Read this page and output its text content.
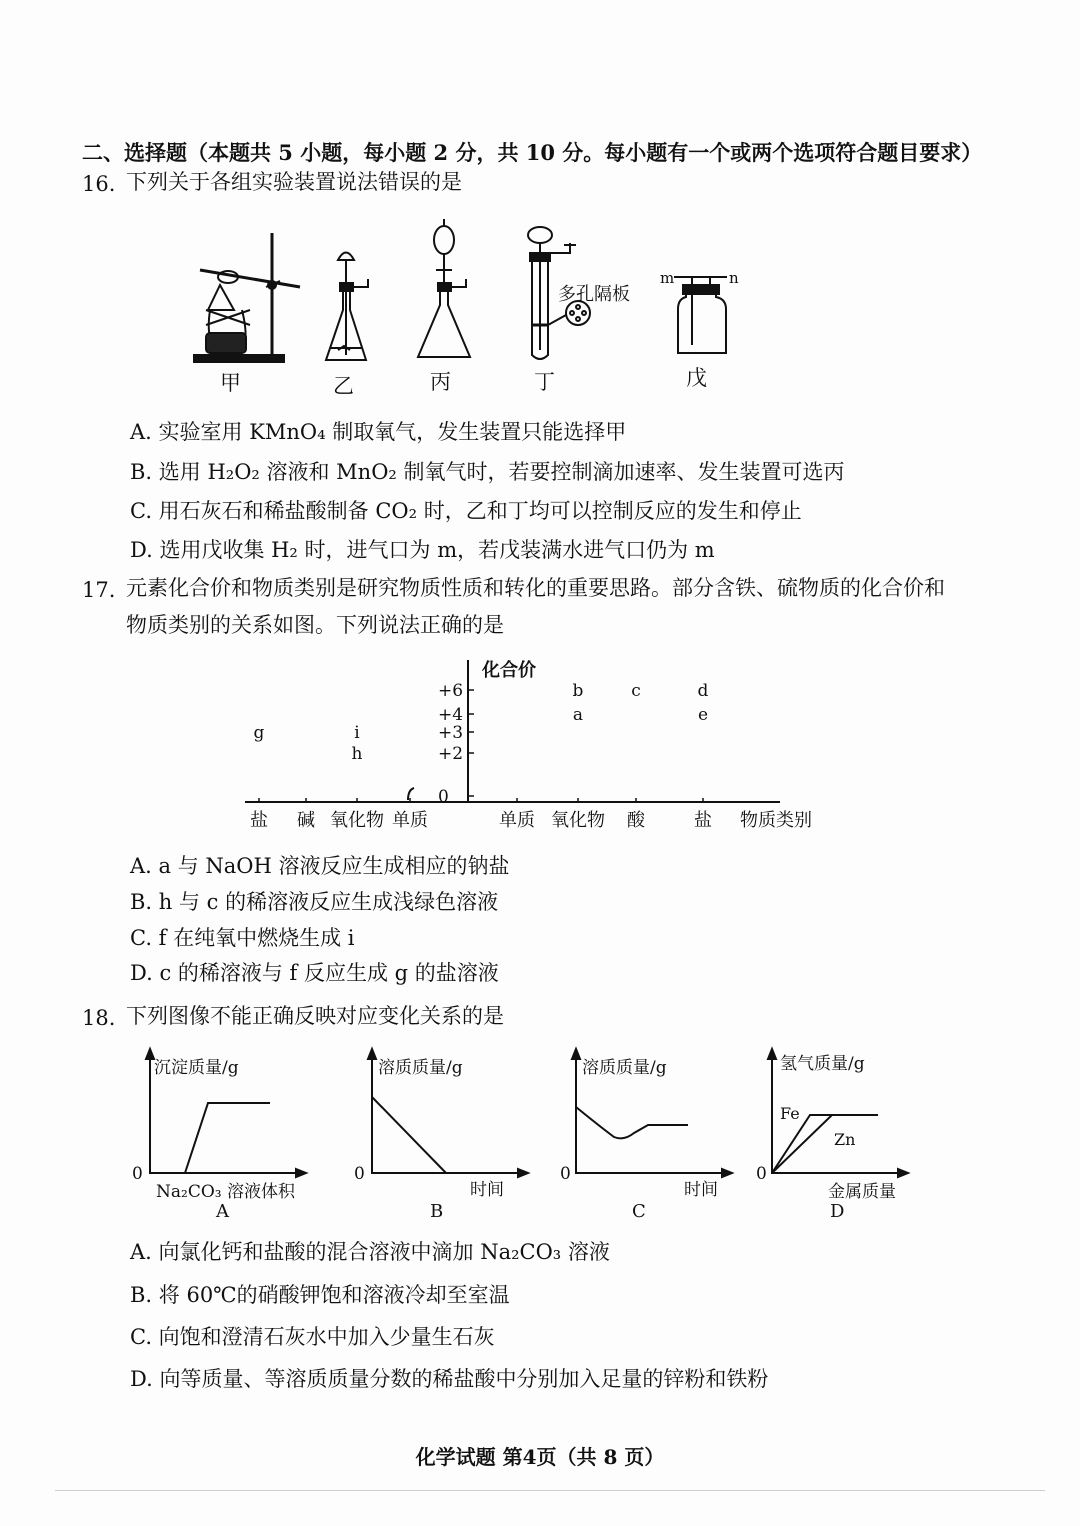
二、选择题（本题共 5 小题，每小题 2 分，共 10 分。每小题有一个或两个选项符合题目要求）
16. 下列关于各组实验装置说法错误的是
甲	乙	丙
多孔隔板
丁
m	n
戊
A. 实验室用 KMnO₄ 制取氧气，发生装置只能选择甲
B. 选用 H₂O₂ 溶液和 MnO₂ 制氧气时，若要控制滴加速率、发生装置可选丙
C. 用石灰石和稀盐酸制备 CO₂ 时，乙和丁均可以控制反应的发生和停止
D. 选用戊收集 H₂ 时，进气口为 m，若戊装满水进气口仍为 m
17. 元素化合价和物质类别是研究物质性质和转化的重要思路。部分含铁、硫物质的化合价和
物质类别的关系如图。下列说法正确的是
化合价
物质类别
+6
+4
+3
+2
0
盐 碱 氧化物 单质	单质 氧化物 酸	盐
g	i
h
b
a
c	d
e
A. a 与 NaOH 溶液反应生成相应的钠盐
B. h 与 c 的稀溶液反应生成浅绿色溶液
C. f 在纯氧中燃烧生成 i
D. c 的稀溶液与 f 反应生成 g 的盐溶液
18. 下列图像不能正确反映对应变化关系的是
沉淀质量/g
0
Na₂CO₃ 溶液体积
A
溶质质量/g
0
时间
B
溶质质量/g
0
时间
C
氢气质量/g
0
Fe
Zn
金属质量
D
A. 向氯化钙和盐酸的混合溶液中滴加 Na₂CO₃ 溶液
B. 将 60℃的硝酸钾饱和溶液冷却至室温
C. 向饱和澄清石灰水中加入少量生石灰
D. 向等质量、等溶质质量分数的稀盐酸中分别加入足量的锌粉和铁粉
化学试题 第4页（共 8 页）
